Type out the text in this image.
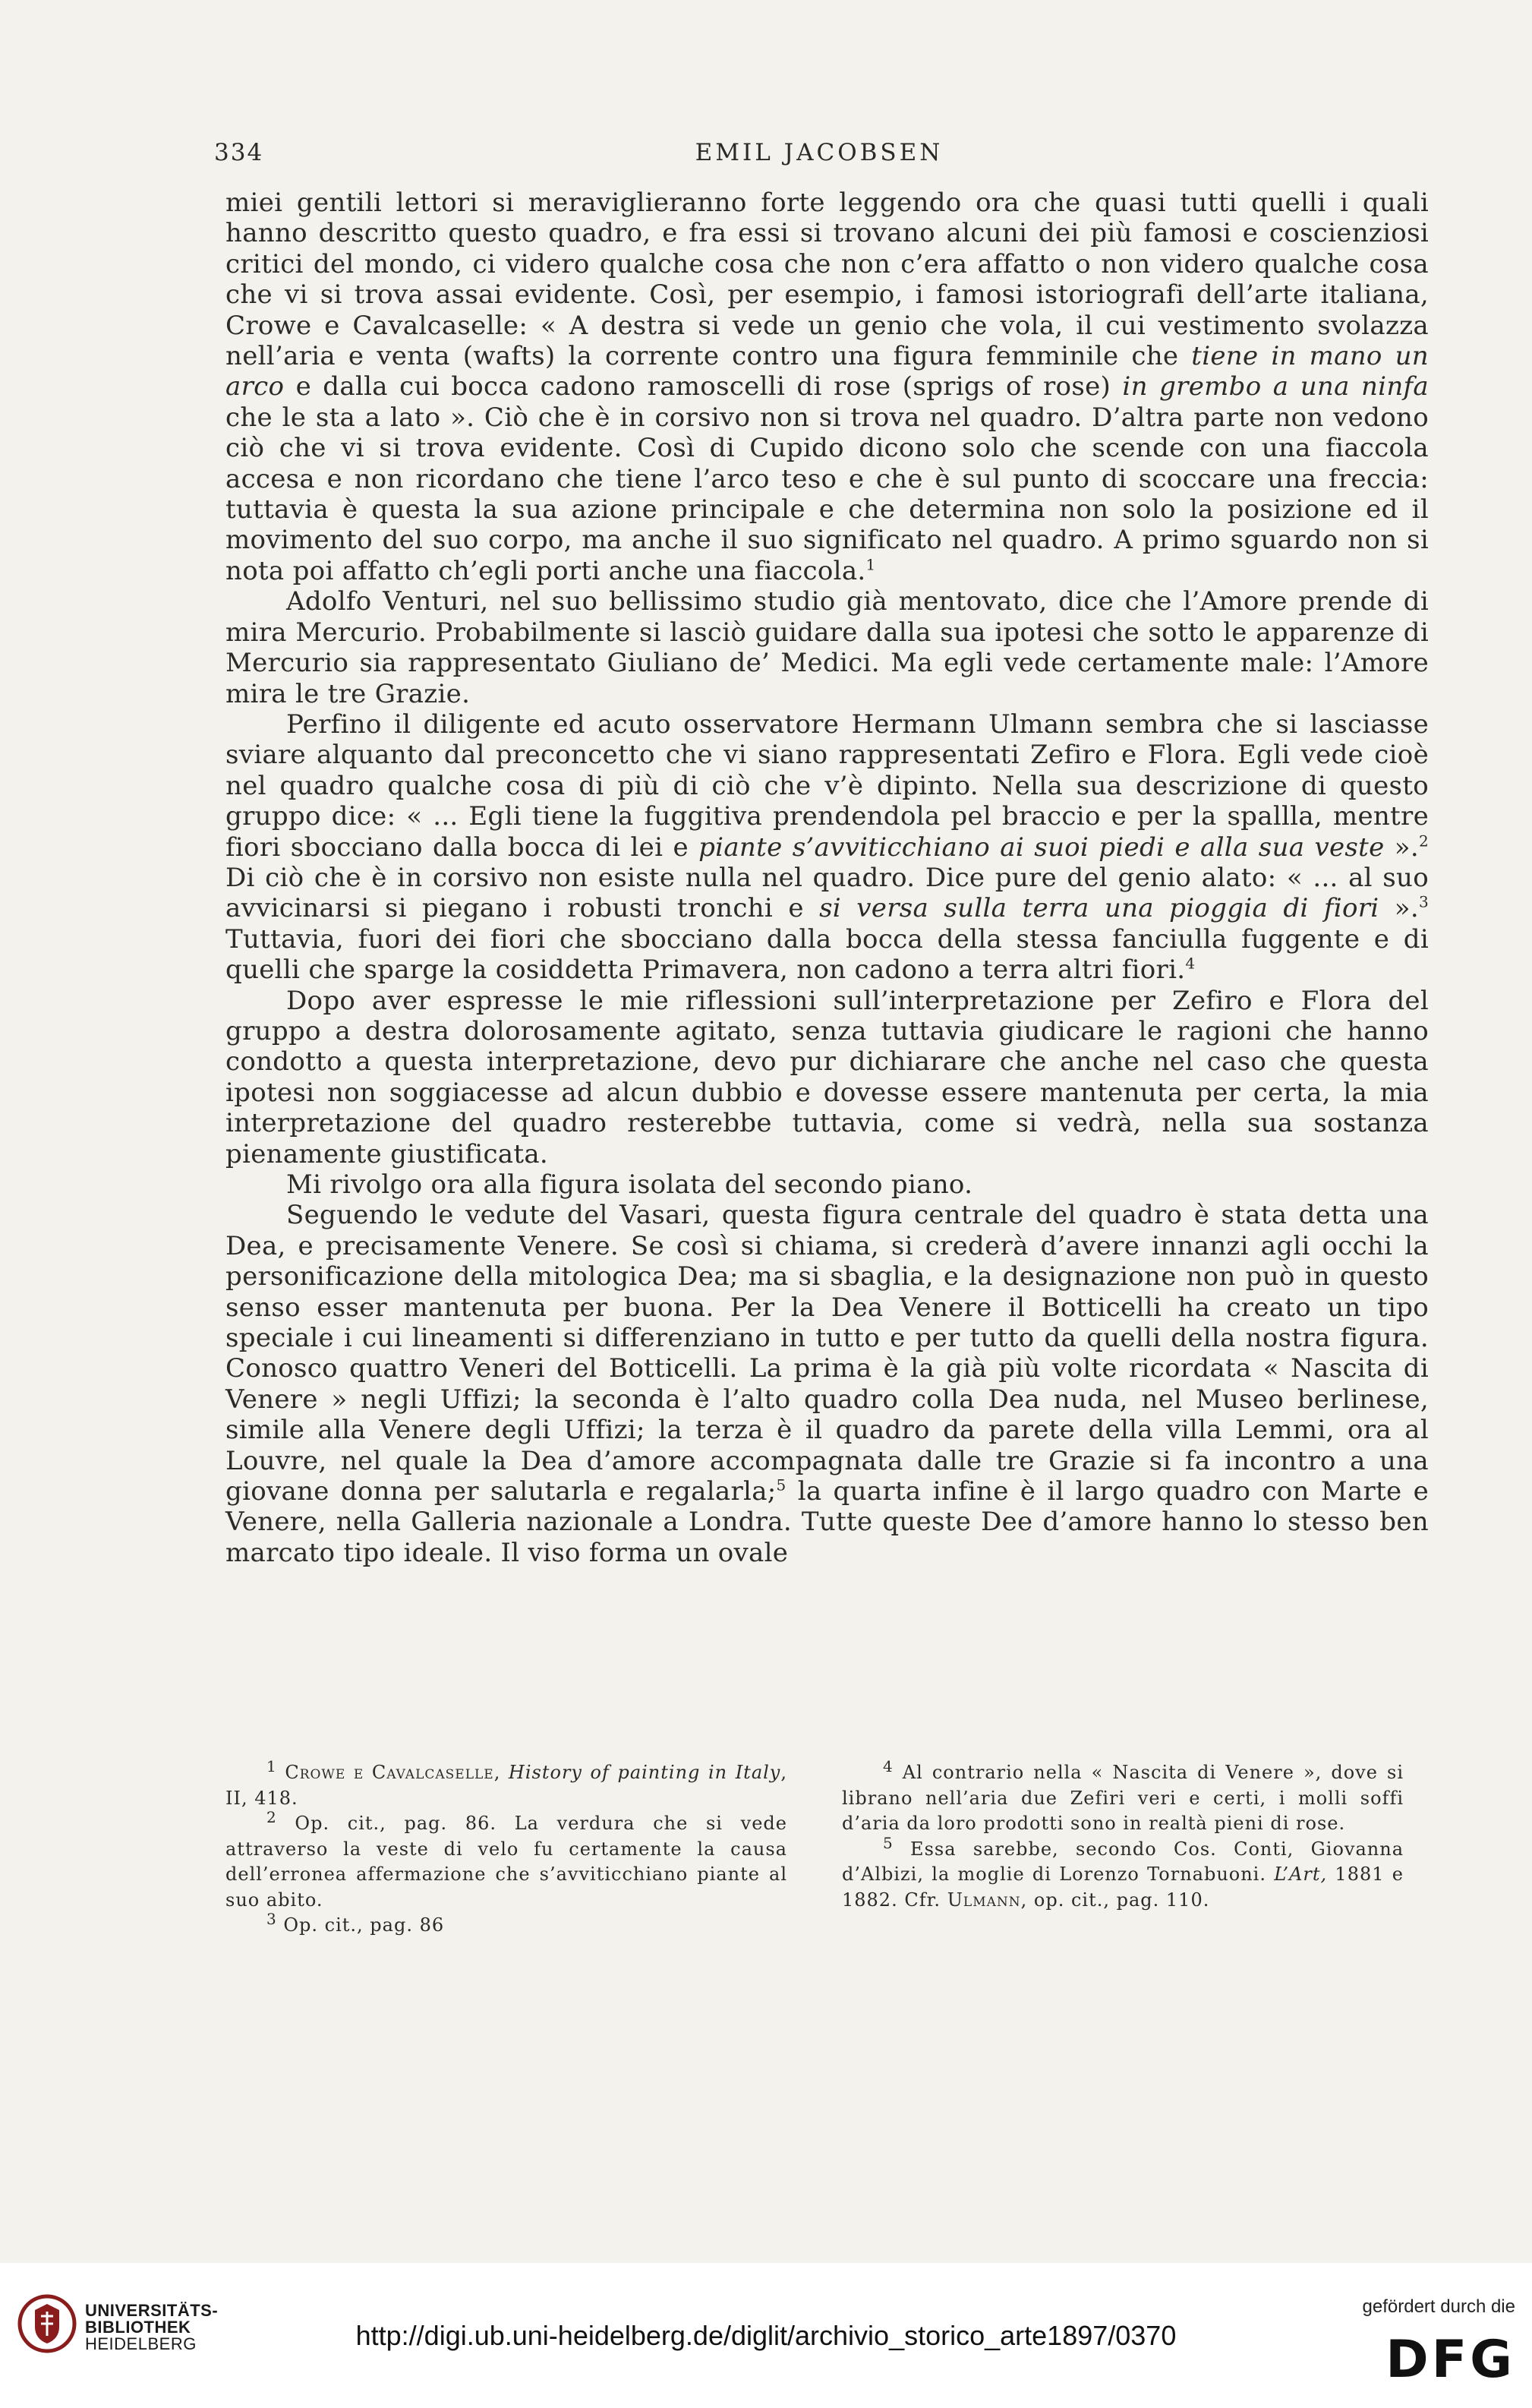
334	EMIL JACOBSEN

miei gentili lettori si meraviglieranno forte leggendo ora che quasi tutti quelli i quali hanno descritto questo quadro, e fra essi si trovano alcuni dei più famosi e coscienziosi critici del mondo, ci videro qualche cosa che non c’era affatto o non videro qualche cosa che vi si trova assai evidente. Così, per esempio, i famosi istoriografi dell’arte italiana, Crowe e Cavalcaselle: « A destra si vede un genio che vola, il cui vestimento svolazza nell’aria e venta (wafts) la corrente contro una figura femminile che tiene in mano un arco e dalla cui bocca cadono ramoscelli di rose (sprigs of rose) in grembo a una ninfa che le sta a lato ». Ciò che è in corsivo non si trova nel quadro. D’altra parte non vedono ciò che vi si trova evidente. Così di Cupido dicono solo che scende con una fiaccola accesa e non ricordano che tiene l’arco teso e che è sul punto di scoccare una freccia: tuttavia è questa la sua azione principale e che determina non solo la posizione ed il movimento del suo corpo, ma anche il suo significato nel quadro. A primo sguardo non si nota poi affatto ch’egli porti anche una fiaccola.$^1$

Adolfo Venturi, nel suo bellissimo studio già mentovato, dice che l’Amore prende di mira Mercurio. Probabilmente si lasciò guidare dalla sua ipotesi che sotto le apparenze di Mercurio sia rappresentato Giuliano de’ Medici. Ma egli vede certamente male: l’Amore mira le tre Grazie.

Perfino il diligente ed acuto osservatore Hermann Ulmann sembra che si lasciasse sviare alquanto dal preconcetto che vi siano rappresentati Zefiro e Flora. Egli vede cioè nel quadro qualche cosa di più di ciò che v’è dipinto. Nella sua descrizione di questo gruppo dice: « ... Egli tiene la fuggitiva prendendola pel braccio e per la spallla, mentre fiori sbocciano dalla bocca di lei e piante s’avviticchiano ai suoi piedi e alla sua veste ».$^2$ Di ciò che è in corsivo non esiste nulla nel quadro. Dice pure del genio alato: « ... al suo avvicinarsi si piegano i robusti tronchi e si versa sulla terra una pioggia di fiori ».$^3$ Tuttavia, fuori dei fiori che sbocciano dalla bocca della stessa fanciulla fuggente e di quelli che sparge la cosiddetta Primavera, non cadono a terra altri fiori.$^4$

Dopo aver espresse le mie riflessioni sull’interpretazione per Zefiro e Flora del gruppo a destra dolorosamente agitato, senza tuttavia giudicare le ragioni che hanno condotto a questa interpretazione, devo pur dichiarare che anche nel caso che questa ipotesi non soggiacesse ad alcun dubbio e dovesse essere mantenuta per certa, la mia interpretazione del quadro resterebbe tuttavia, come si vedrà, nella sua sostanza pienamente giustificata.

Mi rivolgo ora alla figura isolata del secondo piano.

Seguendo le vedute del Vasari, questa figura centrale del quadro è stata detta una Dea, e precisamente Venere. Se così si chiama, si crederà d’avere innanzi agli occhi la personificazione della mitologica Dea; ma si sbaglia, e la designazione non può in questo senso esser mantenuta per buona. Per la Dea Venere il Botticelli ha creato un tipo speciale i cui lineamenti si differenziano in tutto e per tutto da quelli della nostra figura. Conosco quattro Veneri del Botticelli. La prima è la già più volte ricordata « Nascita di Venere » negli Uffizi; la seconda è l’alto quadro colla Dea nuda, nel Museo berlinese, simile alla Venere degli Uffizi; la terza è il quadro da parete della villa Lemmi, ora al Louvre, nel quale la Dea d’amore accompagnata dalle tre Grazie si fa incontro a una giovane donna per salutarla e regalarla;$^5$ la quarta infine è il largo quadro con Marte e Venere, nella Galleria nazionale a Londra. Tutte queste Dee d’amore hanno lo stesso ben marcato tipo ideale. Il viso forma un ovale

$^1$ Crowe e Cavalcaselle, History of painting in Italy, II, 418.

$^2$ Op. cit., pag. 86. La verdura che si vede attraverso la veste di velo fu certamente la causa dell’erronea affermazione che s’avviticchiano piante al suo abito.

$^3$ Op. cit., pag. 86

$^4$ Al contrario nella « Nascita di Venere », dove si librano nell’aria due Zefiri veri e certi, i molli soffi d’aria da loro prodotti sono in realtà pieni di rose.

$^5$ Essa sarebbe, secondo Cos. Conti, Giovanna d’Albizi, la moglie di Lorenzo Tornabuoni. L’Art, 1881 e 1882. Cfr. Ulmann, op. cit., pag. 110.

UNIVERSITÄTS-
BIBLIOTHEK
HEIDELBERG	http://digi.ub.uni-heidelberg.de/diglit/archivio_storico_arte1897/0370
gefördert durch die
DFG
